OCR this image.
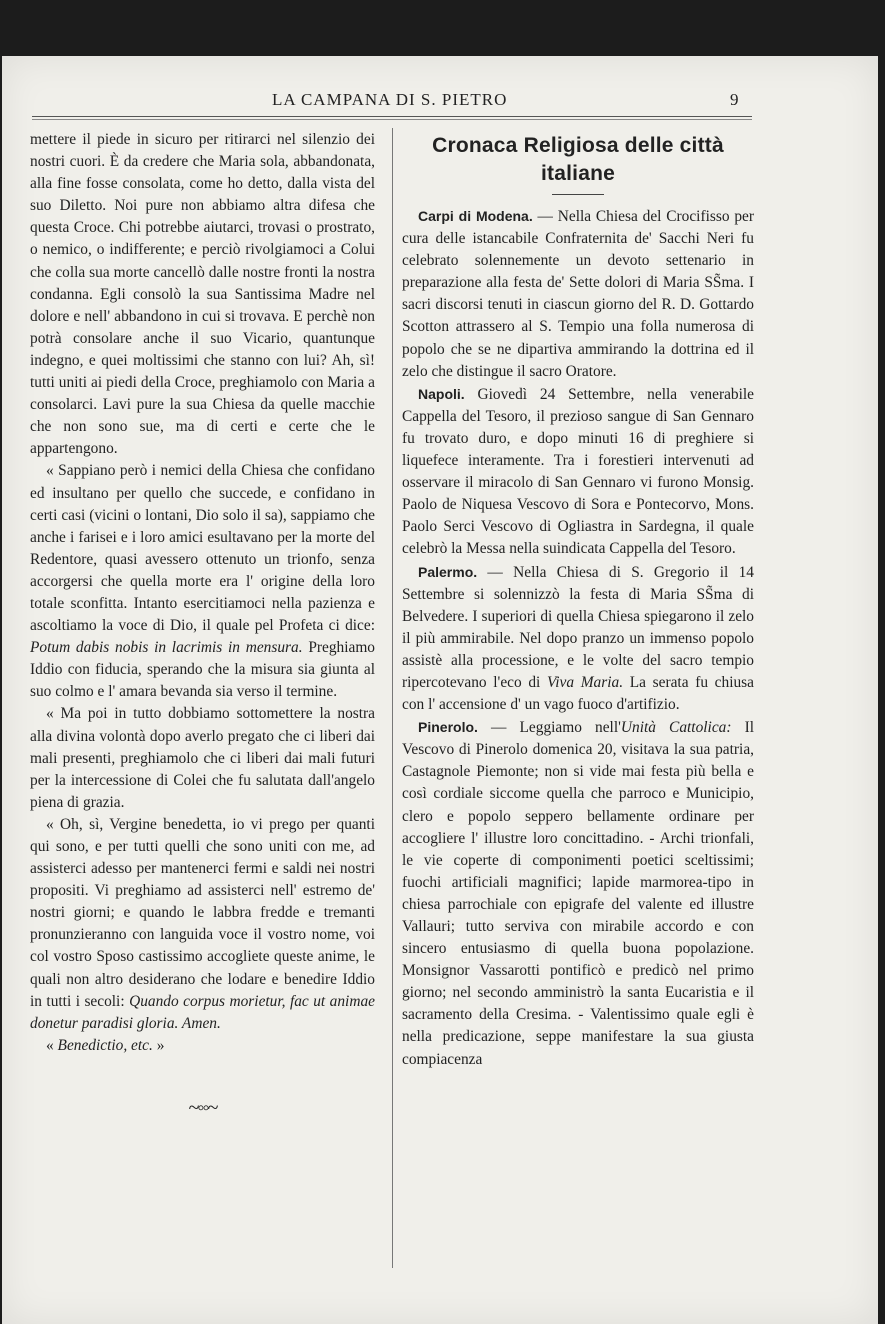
LA CAMPANA DI S. PIETRO	9

mettere il piede in sicuro per ritirarci nel silenzio dei nostri cuori. È da credere che Maria sola, abbandonata, alla fine fosse consolata, come ho detto, dalla vista del suo Diletto. Noi pure non abbiamo altra difesa che questa Croce. Chi potrebbe aiutarci, trovasi o prostrato, o nemico, o indifferente; e perciò rivolgiamoci a Colui che colla sua morte cancellò dalle nostre fronti la nostra condanna. Egli consolò la sua Santissima Madre nel dolore e nell' abbandono in cui si trovava. E perchè non potrà consolare anche il suo Vicario, quantunque indegno, e quei moltissimi che stanno con lui? Ah, sì! tutti uniti ai piedi della Croce, preghiamolo con Maria a consolarci. Lavi pure la sua Chiesa da quelle macchie che non sono sue, ma di certi e certe che le appartengono.

« Sappiano però i nemici della Chiesa che confidano ed insultano per quello che succede, e confidano in certi casi (vicini o lontani, Dio solo il sa), sappiamo che anche i farisei e i loro amici esultavano per la morte del Redentore, quasi avessero ottenuto un trionfo, senza accorgersi che quella morte era l' origine della loro totale sconfitta. Intanto esercitiamoci nella pazienza e ascoltiamo la voce di Dio, il quale pel Profeta ci dice: Potum dabis nobis in lacrimis in mensura. Preghiamo Iddio con fiducia, sperando che la misura sia giunta al suo colmo e l' amara bevanda sia verso il termine.

« Ma poi in tutto dobbiamo sottomettere la nostra alla divina volontà dopo averlo pregato che ci liberi dai mali presenti, preghiamolo che ci liberi dai mali futuri per la intercessione di Colei che fu salutata dall'angelo piena di grazia.

« Oh, sì, Vergine benedetta, io vi prego per quanti qui sono, e per tutti quelli che sono uniti con me, ad assisterci adesso per mantenerci fermi e saldi nei nostri propositi. Vi preghiamo ad assisterci nell' estremo de' nostri giorni; e quando le labbra fredde e tremanti pronunzieranno con languida voce il vostro nome, voi col vostro Sposo castissimo accogliete queste anime, le quali non altro desiderano che lodare e benedire Iddio in tutti i secoli: Quando corpus morietur, fac ut animae donetur paradisi gloria. Amen.

« Benedictio, etc. »

~◦◦~
Cronaca Religiosa delle città italiane

Carpi di Modena. — Nella Chiesa del Crocifisso per cura delle istancabile Confraternita de' Sacchi Neri fu celebrato solennemente un devoto settenario in preparazione alla festa de' Sette dolori di Maria SS̃ma. I sacri discorsi tenuti in ciascun giorno del R. D. Gottardo Scotton attrassero al S. Tempio una folla numerosa di popolo che se ne dipartiva ammirando la dottrina ed il zelo che distingue il sacro Oratore.

Napoli. Giovedì 24 Settembre, nella venerabile Cappella del Tesoro, il prezioso sangue di San Gennaro fu trovato duro, e dopo minuti 16 di preghiere si liquefece interamente. Tra i forestieri intervenuti ad osservare il miracolo di San Gennaro vi furono Monsig. Paolo de Niquesa Vescovo di Sora e Pontecorvo, Mons. Paolo Serci Vescovo di Ogliastra in Sardegna, il quale celebrò la Messa nella suindicata Cappella del Tesoro.

Palermo. — Nella Chiesa di S. Gregorio il 14 Settembre si solennizzò la festa di Maria SS̃ma di Belvedere. I superiori di quella Chiesa spiegarono il zelo il più ammirabile. Nel dopo pranzo un immenso popolo assistè alla processione, e le volte del sacro tempio ripercotevano l'eco di Viva Maria. La serata fu chiusa con l' accensione d' un vago fuoco d'artifizio.

Pinerolo. — Leggiamo nell'Unità Cattolica: Il Vescovo di Pinerolo domenica 20, visitava la sua patria, Castagnole Piemonte; non si vide mai festa più bella e così cordiale siccome quella che parroco e Municipio, clero e popolo seppero bellamente ordinare per accogliere l' illustre loro concittadino. - Archi trionfali, le vie coperte di componimenti poetici sceltissimi; fuochi artificiali magnifici; lapide marmorea-tipo in chiesa parrochiale con epigrafe del valente ed illustre Vallauri; tutto serviva con mirabile accordo e con sincero entusiasmo di quella buona popolazione. Monsignor Vassarotti pontificò e predicò nel primo giorno; nel secondo amministrò la santa Eucaristia e il sacramento della Cresima. - Valentissimo quale egli è nella predicazione, seppe manifestare la sua giusta compiacenza
